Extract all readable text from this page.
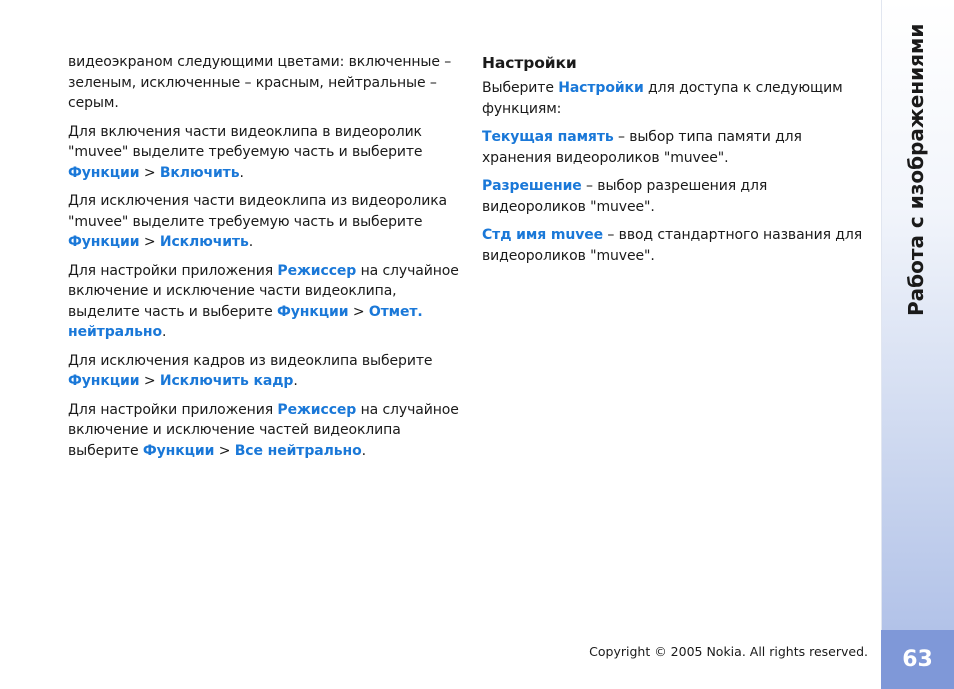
видеоэкраном следующими цветами: включенные – зеленым, исключенные – красным, нейтральные – серым.

Для включения части видеоклипа в видеоролик "muvee" выделите требуемую часть и выберите Функции > Включить.

Для исключения части видеоклипа из видеоролика "muvee" выделите требуемую часть и выберите Функции > Исключить.

Для настройки приложения Режиссер на случайное включение и исключение части видеоклипа, выделите часть и выберите Функции > Отмет. нейтрально.

Для исключения кадров из видеоклипа выберите Функции > Исключить кадр.

Для настройки приложения Режиссер на случайное включение и исключение частей видеоклипа выберите Функции > Все нейтрально.

Настройки

Выберите Настройки для доступа к следующим функциям:

Текущая память – выбор типа памяти для хранения видеороликов "muvee".

Разрешение – выбор разрешения для видеороликов "muvee".

Стд имя muvee – ввод стандартного названия для видеороликов "muvee".

Copyright © 2005 Nokia. All rights reserved.
Работа с изображениями
63
